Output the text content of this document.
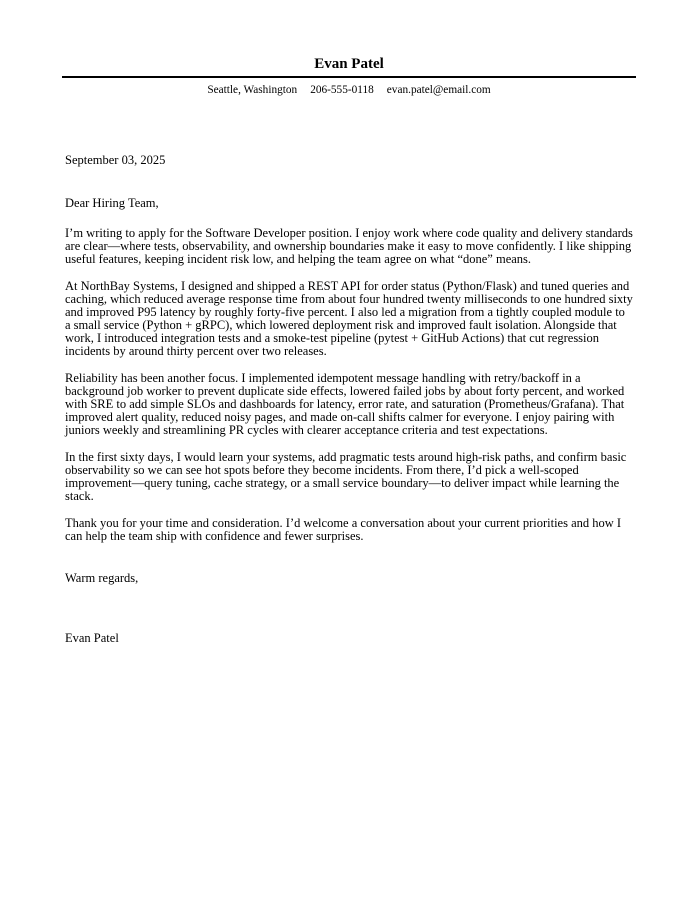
Evan Patel

Seattle, Washington 206-555-0118 evan.patel@email.com

September 03, 2025

Dear Hiring Team,

I’m writing to apply for the Software Developer position. I enjoy work where code quality and delivery standards are clear—where tests, observability, and ownership boundaries make it easy to move confidently. I like shipping useful features, keeping incident risk low, and helping the team agree on what “done” means.

At NorthBay Systems, I designed and shipped a REST API for order status (Python/Flask) and tuned queries and caching, which reduced average response time from about four hundred twenty milliseconds to one hundred sixty and improved P95 latency by roughly forty-five percent. I also led a migration from a tightly coupled module to a small service (Python + gRPC), which lowered deployment risk and improved fault isolation. Alongside that work, I introduced integration tests and a smoke-test pipeline (pytest + GitHub Actions) that cut regression incidents by around thirty percent over two releases.

Reliability has been another focus. I implemented idempotent message handling with retry/backoff in a background job worker to prevent duplicate side effects, lowered failed jobs by about forty percent, and worked with SRE to add simple SLOs and dashboards for latency, error rate, and saturation (Prometheus/Grafana). That improved alert quality, reduced noisy pages, and made on-call shifts calmer for everyone. I enjoy pairing with juniors weekly and streamlining PR cycles with clearer acceptance criteria and test expectations.

In the first sixty days, I would learn your systems, add pragmatic tests around high-risk paths, and confirm basic observability so we can see hot spots before they become incidents. From there, I’d pick a well-scoped improvement—query tuning, cache strategy, or a small service boundary—to deliver impact while learning the stack.

Thank you for your time and consideration. I’d welcome a conversation about your current priorities and how I can help the team ship with confidence and fewer surprises.

Warm regards,

Evan Patel
